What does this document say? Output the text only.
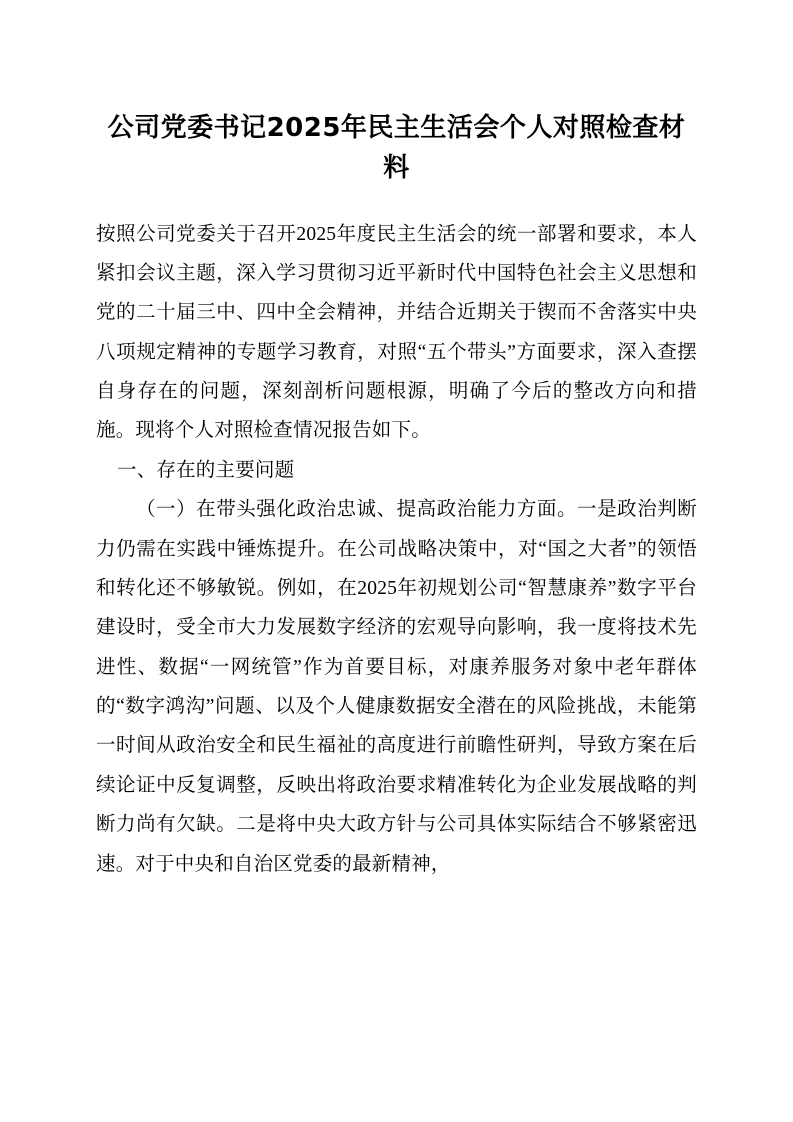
公司党委书记2025年民主生活会个人对照检查材料

按照公司党委关于召开2025年度民主生活会的统一部署和要求，本人紧扣会议主题，深入学习贯彻习近平新时代中国特色社会主义思想和党的二十届三中、四中全会精神，并结合近期关于锲而不舍落实中央八项规定精神的专题学习教育，对照“五个带头”方面要求，深入查摆自身存在的问题，深刻剖析问题根源，明确了今后的整改方向和措施。现将个人对照检查情况报告如下。

一、存在的主要问题

（一）在带头强化政治忠诚、提高政治能力方面。一是政治判断力仍需在实践中锤炼提升。在公司战略决策中，对“国之大者”的领悟和转化还不够敏锐。例如，在2025年初规划公司“智慧康养”数字平台建设时，受全市大力发展数字经济的宏观导向影响，我一度将技术先进性、数据“一网统管”作为首要目标，对康养服务对象中老年群体的“数字鸿沟”问题、以及个人健康数据安全潜在的风险挑战，未能第一时间从政治安全和民生福祉的高度进行前瞻性研判，导致方案在后续论证中反复调整，反映出将政治要求精准转化为企业发展战略的判断力尚有欠缺。二是将中央大政方针与公司具体实际结合不够紧密迅速。对于中央和自治区党委的最新精神，
